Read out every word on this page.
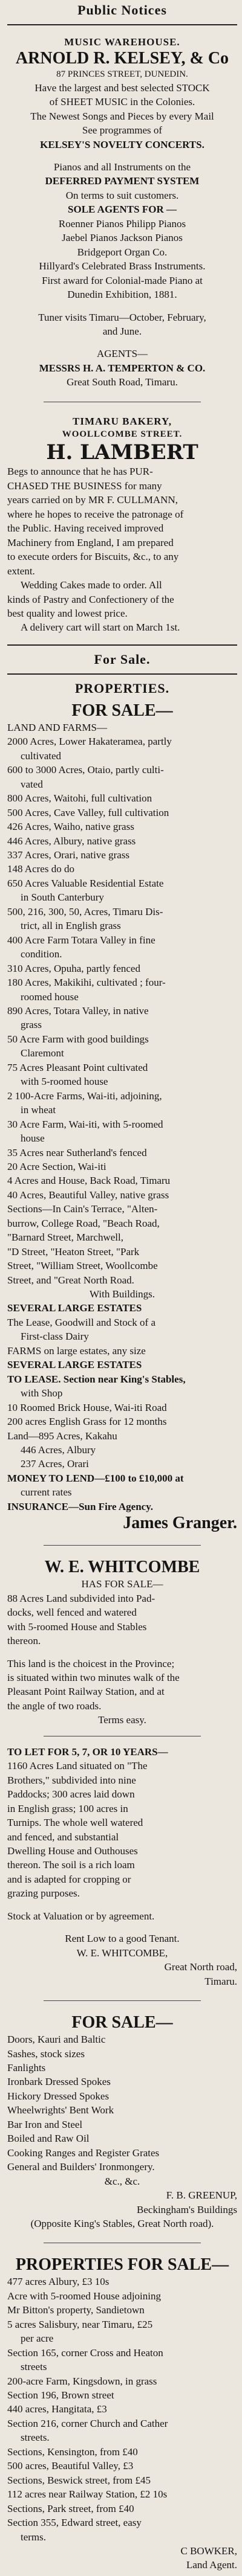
Public Notices
MUSIC WAREHOUSE.
ARNOLD R. KELSEY, & Co
87 PRINCES STREET, DUNEDIN.
Have the largest and best selected STOCK
of SHEET MUSIC in the Colonies.
The Newest Songs and Pieces by every Mail
See programmes of
KELSEY'S NOVELTY CONCERTS.
Pianos and all Instruments on the
DEFERRED PAYMENT SYSTEM
On terms to suit customers.
SOLE AGENTS FOR —
Roenner Pianos Philipp Pianos
Jaebel Pianos Jackson Pianos
Bridgeport Organ Co.
Hillyard's Celebrated Brass Instruments.
First award for Colonial-made Piano at
Dunedin Exhibition, 1881.
Tuner visits Timaru—October, February,
and June.
AGENTS—
MESSRS H. A. TEMPERTON & CO.
Great South Road, Timaru.
TIMARU BAKERY,
WOOLLCOMBE STREET.
H. LAMBERT
Begs to announce that he has PUR-
CHASED THE BUSINESS for many
years carried on by MR F. CULLMANN,
where he hopes to receive the patronage of
the Public. Having received improved
Machinery from England, I am prepared
to execute orders for Biscuits, &c., to any
extent.
Wedding Cakes made to order. All
kinds of Pastry and Confectionery of the
best quality and lowest price.
A delivery cart will start on March 1st.
For Sale.
PROPERTIES.
FOR SALE—
LAND AND FARMS—
2000 Acres, Lower Hakateramea, partly
cultivated
600 to 3000 Acres, Otaio, partly culti-
vated
800 Acres, Waitohi, full cultivation
500 Acres, Cave Valley, full cultivation
426 Acres, Waiho, native grass
446 Acres, Albury, native grass
337 Acres, Orari, native grass
148 Acres do do
650 Acres Valuable Residential Estate
in South Canterbury
500, 216, 300, 50, Acres, Timaru Dis-
trict, all in English grass
400 Acre Farm Totara Valley in fine
condition.
310 Acres, Opuha, partly fenced
180 Acres, Makikihi, cultivated ; four-
roomed house
890 Acres, Totara Valley, in native
grass
50 Acre Farm with good buildings
Claremont
75 Acres Pleasant Point cultivated
with 5-roomed house
2 100-Acre Farms, Wai-iti, adjoining,
in wheat
30 Acre Farm, Wai-iti, with 5-roomed
house
35 Acres near Sutherland's fenced
20 Acre Section, Wai-iti
4 Acres and House, Back Road, Timaru
40 Acres, Beautiful Valley, native grass
Sections—In Cain's Terrace, "Alten-
burrow, College Road, "Beach Road,
"Barnard Street, Marchwell,
"D Street, "Heaton Street, "Park
Street, "William Street, Woollcombe
Street, and "Great North Road.
With Buildings.
SEVERAL LARGE ESTATES
The Lease, Goodwill and Stock of a
First-class Dairy
FARMS on large estates, any size
SEVERAL LARGE ESTATES
TO LEASE. Section near King's Stables,
with Shop
10 Roomed Brick House, Wai-iti Road
200 acres English Grass for 12 months
Land—895 Acres, Kakahu
446 Acres, Albury
237 Acres, Orari
MONEY TO LEND—£100 to £10,000 at
current rates
INSURANCE—Sun Fire Agency.
James Granger.
W. E. WHITCOMBE
HAS FOR SALE—
88 Acres Land subdivided into Pad-
docks, well fenced and watered
with 5-roomed House and Stables
thereon.
This land is the choicest in the Province;
is situated within two minutes walk of the
Pleasant Point Railway Station, and at
the angle of two roads.
Terms easy.
TO LET FOR 5, 7, OR 10 YEARS—
1160 Acres Land situated on "The
Brothers," subdivided into nine
Paddocks; 300 acres laid down
in English grass; 100 acres in
Turnips. The whole well watered
and fenced, and substantial
Dwelling House and Outhouses
thereon. The soil is a rich loam
and is adapted for cropping or
grazing purposes.
Stock at Valuation or by agreement.
Rent Low to a good Tenant.
W. E. WHITCOMBE,
Great North road,
Timaru.
FOR SALE—
Doors, Kauri and Baltic
Sashes, stock sizes
Fanlights
Ironbark Dressed Spokes
Hickory Dressed Spokes
Wheelwrights' Bent Work
Bar Iron and Steel
Boiled and Raw Oil
Cooking Ranges and Register Grates
General and Builders' Ironmongery.
&c., &c.
F. B. GREENUP,
Beckingham's Buildings
(Opposite King's Stables, Great North road).
PROPERTIES FOR SALE—
477 acres Albury, £3 10s
Acre with 5-roomed House adjoining
Mr Bitton's property, Sandietown
5 acres Salisbury, near Timaru, £25
per acre
Section 165, corner Cross and Heaton
streets
200-acre Farm, Kingsdown, in grass
Section 196, Brown street
440 acres, Hangitata, £3
Section 216, corner Church and Cather
streets.
Sections, Kensington, from £40
500 acres, Beautiful Valley, £3
Sections, Beswick street, from £45
112 acres near Railway Station, £2 10s
Sections, Park street, from £40
Section 355, Edward street, easy
terms.
C BOWKER,
Land Agent.
